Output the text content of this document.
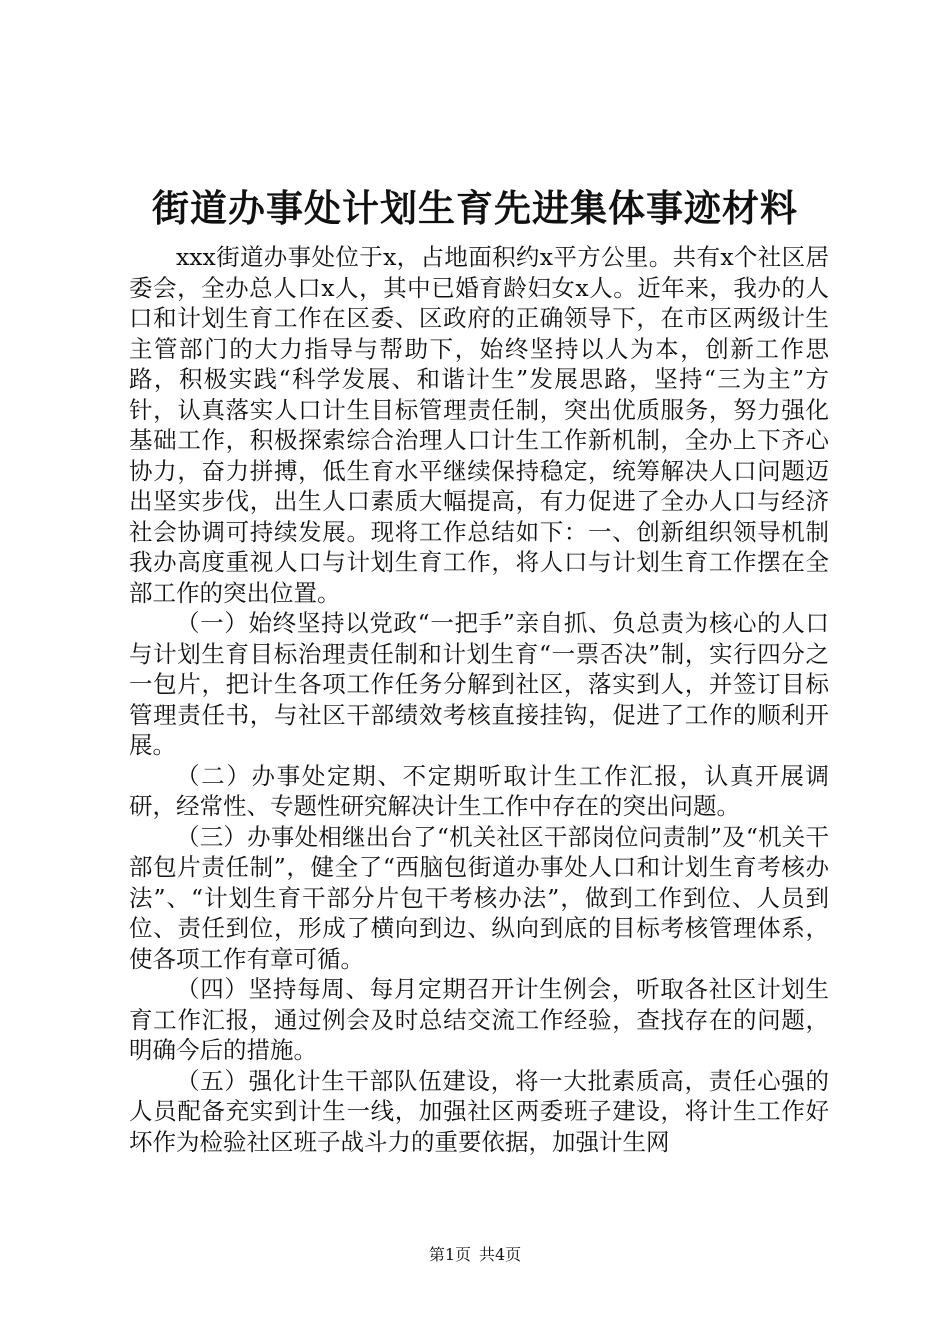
街道办事处计划生育先进集体事迹材料

xxx街道办事处位于x，占地面积约x平方公里。共有x个社区居委会，全办总人口x人，其中已婚育龄妇女x人。近年来，我办的人口和计划生育工作在区委、区政府的正确领导下，在市区两级计生主管部门的大力指导与帮助下，始终坚持以人为本，创新工作思路，积极实践“科学发展、和谐计生”发展思路，坚持“三为主”方针，认真落实人口计生目标管理责任制，突出优质服务，努力强化基础工作，积极探索综合治理人口计生工作新机制，全办上下齐心协力，奋力拼搏，低生育水平继续保持稳定，统筹解决人口问题迈出坚实步伐，出生人口素质大幅提高，有力促进了全办人口与经济社会协调可持续发展。现将工作总结如下：一、创新组织领导机制我办高度重视人口与计划生育工作，将人口与计划生育工作摆在全部工作的突出位置。

（一）始终坚持以党政“一把手”亲自抓、负总责为核心的人口与计划生育目标治理责任制和计划生育“一票否决”制，实行四分之一包片，把计生各项工作任务分解到社区，落实到人，并签订目标管理责任书，与社区干部绩效考核直接挂钩，促进了工作的顺利开展。

（二）办事处定期、不定期听取计生工作汇报，认真开展调研，经常性、专题性研究解决计生工作中存在的突出问题。

（三）办事处相继出台了“机关社区干部岗位问责制”及“机关干部包片责任制”，健全了“西脑包街道办事处人口和计划生育考核办法”、“计划生育干部分片包干考核办法”，做到工作到位、人员到位、责任到位，形成了横向到边、纵向到底的目标考核管理体系，使各项工作有章可循。

（四）坚持每周、每月定期召开计生例会，听取各社区计划生育工作汇报，通过例会及时总结交流工作经验，查找存在的问题，明确今后的措施。

（五）强化计生干部队伍建设，将一大批素质高，责任心强的人员配备充实到计生一线，加强社区两委班子建设，将计生工作好坏作为检验社区班子战斗力的重要依据，加强计生网

第1页 共4页
